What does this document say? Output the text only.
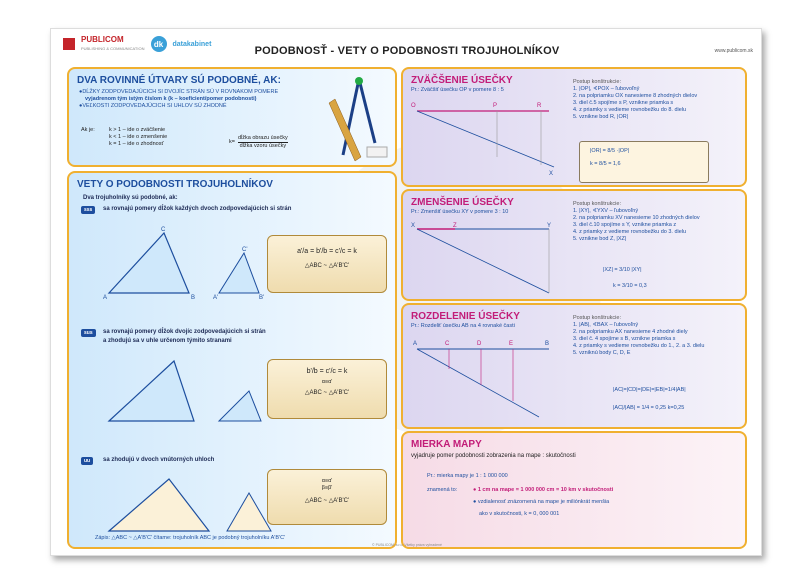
PUBLICOM
PUBLISHING & COMMUNICATION	dk	datakabinet
PODOBNOSŤ - VETY O PODOBNOSTI TROJUHOLNÍKOV	www.publicom.sk
DVA ROVINNÉ ÚTVARY SÚ PODOBNÉ, AK:
●DĹŽKY ZODPOVEDAJÚCICH SI DVOJÍC STRÁN SÚ V ROVNAKOM POMERE
vyjadrenom tým istým číslom k (k – koeficient/pomer podobnosti)
●VEĽKOSTI ZODPOVEDAJÚCICH SI UHLOV SÚ ZHODNÉ
Ak je:	k > 1 – ide o zväčšenie
k < 1 – ide o zmenšenie
k = 1 – ide o zhodnosť	k=
dĺžka obrazu úsečky
dĺžka vzoru úsečky
VETY O PODOBNOSTI TROJUHOLNÍKOV
Dva trojuholníky sú podobné, ak:
sss	sa rovnajú pomery dĺžok každých dvoch zodpovedajúcich si strán
A	B
C
A'	B'
C'	a'/a = b'/b = c'/c = k
△ABC ~ △A'B'C'
sus	sa rovnajú pomery dĺžok dvojíc zodpovedajúcich si strán
a zhodujú sa v uhle určenom týmito stranami
b'/b = c'/c = k
α≡α'
△ABC ~ △A'B'C'
uu	sa zhodujú v dvoch vnútorných uhloch
α≡α'
β≡β'
△ABC ~ △A'B'C'
Zápis: △ABC ~ △A'B'C' čítame: trojuholník ABC je podobný trojuholníku A'B'C'
ZVÄČŠENIE ÚSEČKY
Pr.: Zväčšiť úsečku OP v pomere 8 : 5
O	P	R
X
Postup konštrukcie:
1. |OP|, ∢POX – ľubovoľný
2. na polpriamku OX nanesieme 8 zhodných dielov
3. diel č.5 spojíme s P, vznikne priamka s
4. z priamky s vedieme rovnobežku do 8. dielu
5. vznikne bod R, |OR|
|OR| = 8/5 ·|OP|
k = 8/5 = 1,6
ZMENŠENIE ÚSEČKY
Pr.: Zmenšiť úsečku XY v pomere 3 : 10
X	Z	Y
Postup konštrukcie:
1. |XY|, ∢YXV – ľubovoľný
2. na polpriamku XV nanesieme 10 zhodných dielov
3. diel č.10 spojíme s Y, vznikne priamka z
4. z priamky z vedieme rovnobežku do 3. dielu
5. vznikne bod Z, |XZ|
|XZ| = 3/10 |XY|
k = 3/10 = 0,3
ROZDELENIE ÚSEČKY
Pr.: Rozdeliť úsečku AB na 4 rovnaké časti
A	C	D	E	B
Postup konštrukcie:
1. |AB|, ∢BAX – ľubovoľný
2. na polpriamku AX nanesieme 4 zhodné diely
3. diel č. 4 spojíme s B, vznikne priamka s
4. z priamky s vedieme rovnobežku do 1., 2. a 3. dielu
5. vzniknú body C, D, E
|AC|=|CD|=|DE|=|EB|=1/4|AB|
|AC|/|AB| = 1/4 = 0,25 k=0,25
MIERKA MAPY
vyjadruje pomer podobnosti zobrazenia na mape : skutočnosti
Pr.: mierka mapy je 1 : 1 000 000
znamená to:	● 1 cm na mape = 1 000 000 cm = 10 km v skutočnosti
● vzdialenosť znázornená na mape je miliónkrát menšia
ako v skutočnosti, k = 0, 000 001
© PUBLICOM, s.r.o. Všetky práva vyhradené
